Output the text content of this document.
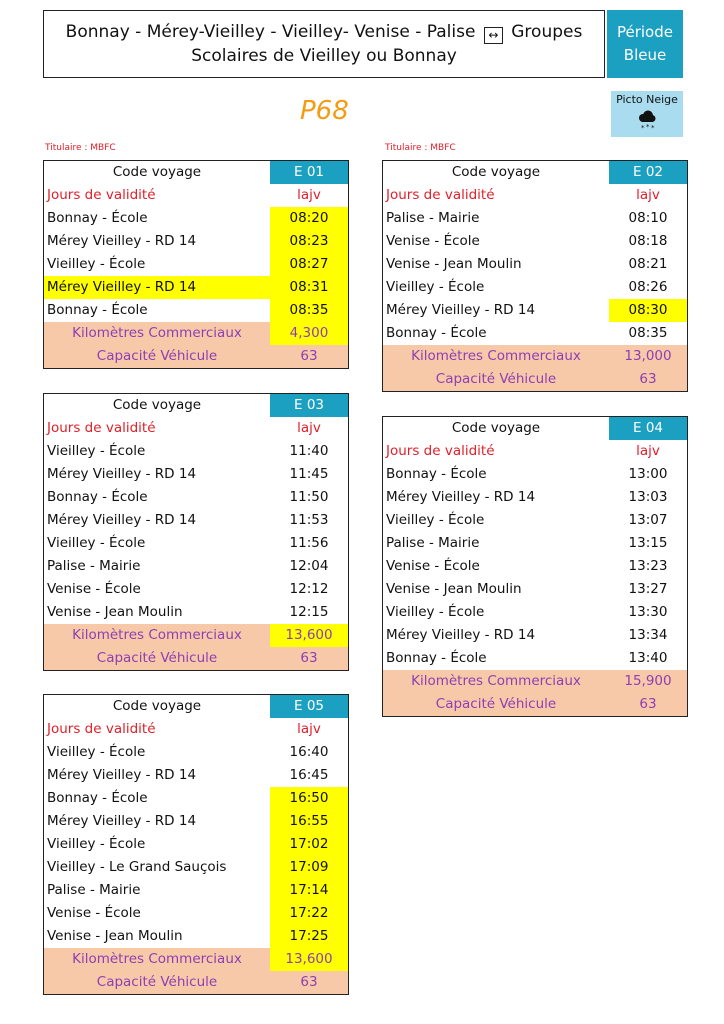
Bonnay - Mérey-Vieilley - Vieilley- Venise - Palise ↔ Groupes
Scolaires de Vieilley ou Bonnay
Période
Bleue
Picto Neige
* * *
P68
Titulaire : MBFC	Titulaire : MBFC
Code voyage	E 01
Jours de validité	lajv
Bonnay - École	08:20
Mérey Vieilley - RD 14	08:23
Vieilley - École	08:27
Mérey Vieilley - RD 14	08:31
Bonnay - École	08:35
Kilomètres Commerciaux	4,300
Capacité Véhicule	63
Code voyage	E 02
Jours de validité	lajv
Palise - Mairie	08:10
Venise - École	08:18
Venise - Jean Moulin	08:21
Vieilley - École	08:26
Mérey Vieilley - RD 14	08:30
Bonnay - École	08:35
Kilomètres Commerciaux	13,000
Capacité Véhicule	63
Code voyage	E 03
Jours de validité	lajv
Vieilley - École	11:40
Mérey Vieilley - RD 14	11:45
Bonnay - École	11:50
Mérey Vieilley - RD 14	11:53
Vieilley - École	11:56
Palise - Mairie	12:04
Venise - École	12:12
Venise - Jean Moulin	12:15
Kilomètres Commerciaux	13,600
Capacité Véhicule	63
Code voyage	E 04
Jours de validité	lajv
Bonnay - École	13:00
Mérey Vieilley - RD 14	13:03
Vieilley - École	13:07
Palise - Mairie	13:15
Venise - École	13:23
Venise - Jean Moulin	13:27
Vieilley - École	13:30
Mérey Vieilley - RD 14	13:34
Bonnay - École	13:40
Kilomètres Commerciaux	15,900
Capacité Véhicule	63
Code voyage	E 05
Jours de validité	lajv
Vieilley - École	16:40
Mérey Vieilley - RD 14	16:45
Bonnay - École	16:50
Mérey Vieilley - RD 14	16:55
Vieilley - École	17:02
Vieilley - Le Grand Sauçois	17:09
Palise - Mairie	17:14
Venise - École	17:22
Venise - Jean Moulin	17:25
Kilomètres Commerciaux	13,600
Capacité Véhicule	63
